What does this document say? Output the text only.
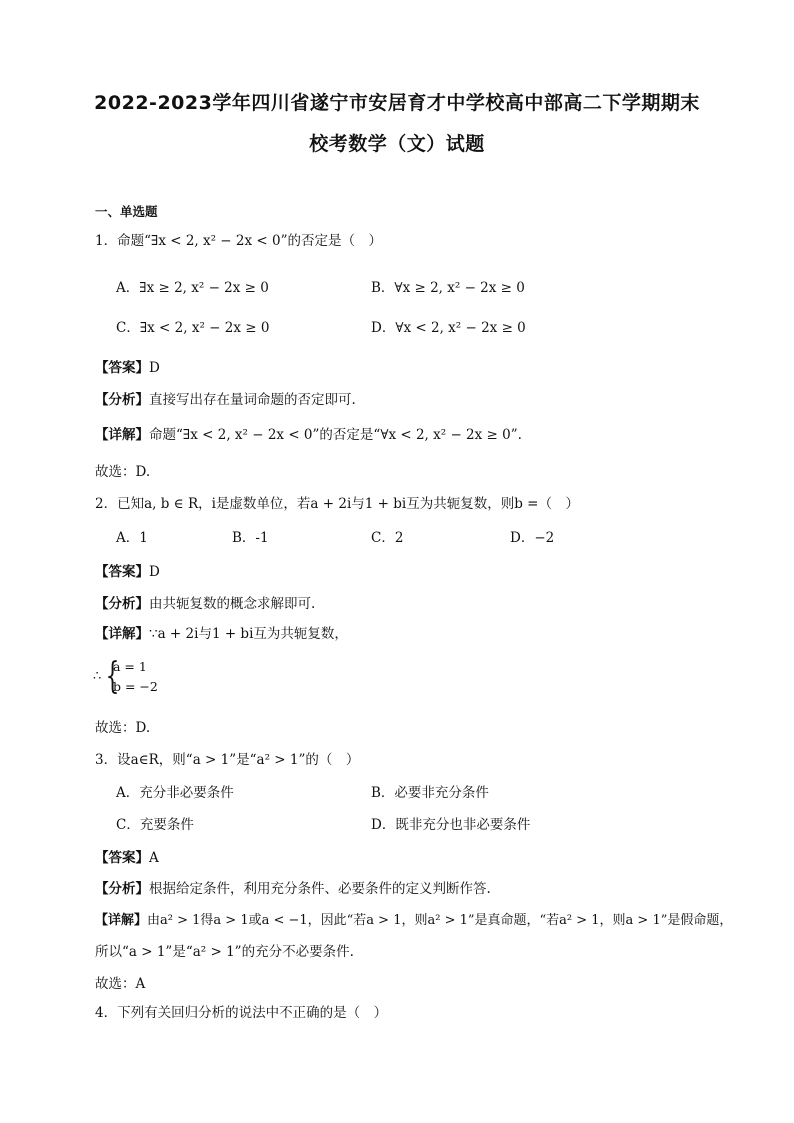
2022-2023学年四川省遂宁市安居育才中学校高中部高二下学期期末
校考数学（文）试题
一、单选题
1．命题“∃x < 2, x² − 2x < 0”的否定是（　）
A．∃x ≥ 2, x² − 2x ≥ 0	B．∀x ≥ 2, x² − 2x ≥ 0
C．∃x < 2, x² − 2x ≥ 0	D．∀x < 2, x² − 2x ≥ 0
【答案】D
【分析】直接写出存在量词命题的否定即可.
【详解】命题“∃x < 2, x² − 2x < 0”的否定是“∀x < 2, x² − 2x ≥ 0”.
故选：D.
2．已知a, b ∈ R，i是虚数单位，若a + 2i与1 + bi互为共轭复数，则b =（　）
A．1	B．-1	C．2	D．−2
【答案】D
【分析】由共轭复数的概念求解即可.
【详解】∵a + 2i与1 + bi互为共轭复数，
∴ {
a = 1
b = −2
故选：D.
3．设a∈R，则“a > 1”是“a² > 1”的（　）
A．充分非必要条件	B．必要非充分条件
C．充要条件	D．既非充分也非必要条件
【答案】A
【分析】根据给定条件，利用充分条件、必要条件的定义判断作答.
【详解】由a² > 1得a > 1或a < −1，因此“若a > 1，则a² > 1”是真命题，“若a² > 1，则a > 1”是假命题，
所以“a > 1”是“a² > 1”的充分不必要条件.
故选：A
4．下列有关回归分析的说法中不正确的是（　）
